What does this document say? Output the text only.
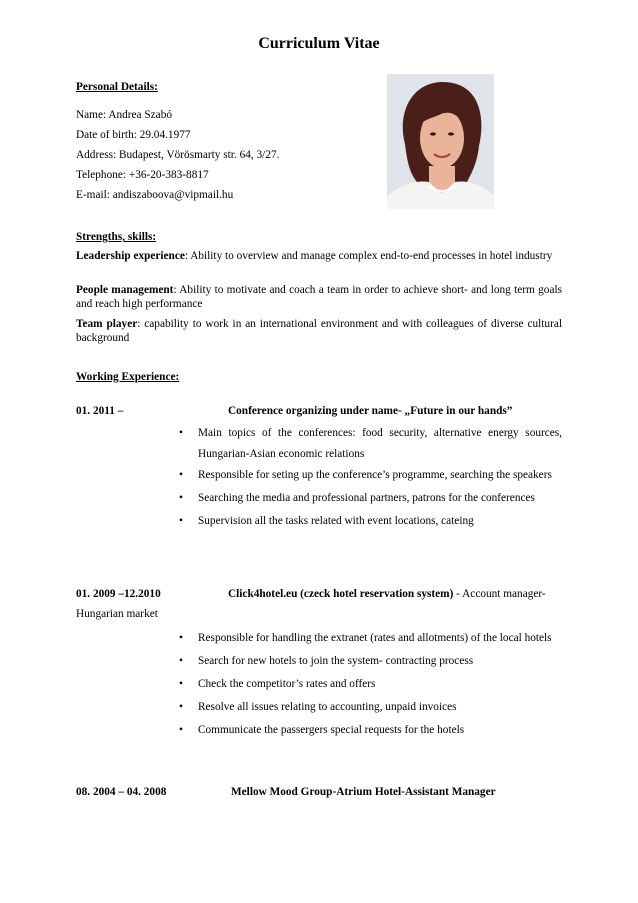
Curriculum Vitae
Personal Details:
Name: Andrea Szabó
Date of birth: 29.04.1977
Address: Budapest, Vörösmarty str. 64, 3/27.
Telephone: +36-20-383-8817
E-mail: andiszaboova@vipmail.hu
Strengths, skills:
Leadership experience: Ability to overview and manage complex end-to-end processes in hotel industry
People management: Ability to motivate and coach a team in order to achieve short- and long term goals and reach high performance
Team player: capability to work in an international environment and with colleagues of diverse cultural background
Working Experience:
01. 2011 –	Conference organizing under name- „Future in our hands”
• Main topics of the conferences: food security, alternative energy sources, Hungarian-Asian economic relations
• Responsible for seting up the conference’s programme, searching the speakers
• Searching the media and professional partners, patrons for the conferences
• Supervision all the tasks related with event locations, cateing
01. 2009 –12.2010	Click4hotel.eu (czeck hotel reservation system) - Account manager-
Hungarian market
• Responsible for handling the extranet (rates and allotments) of the local hotels
• Search for new hotels to join the system- contracting process
• Check the competitor’s rates and offers
• Resolve all issues relating to accounting, unpaid invoices
• Communicate the passergers special requests for the hotels
08. 2004 – 04. 2008	Mellow Mood Group-Atrium Hotel-Assistant Manager
